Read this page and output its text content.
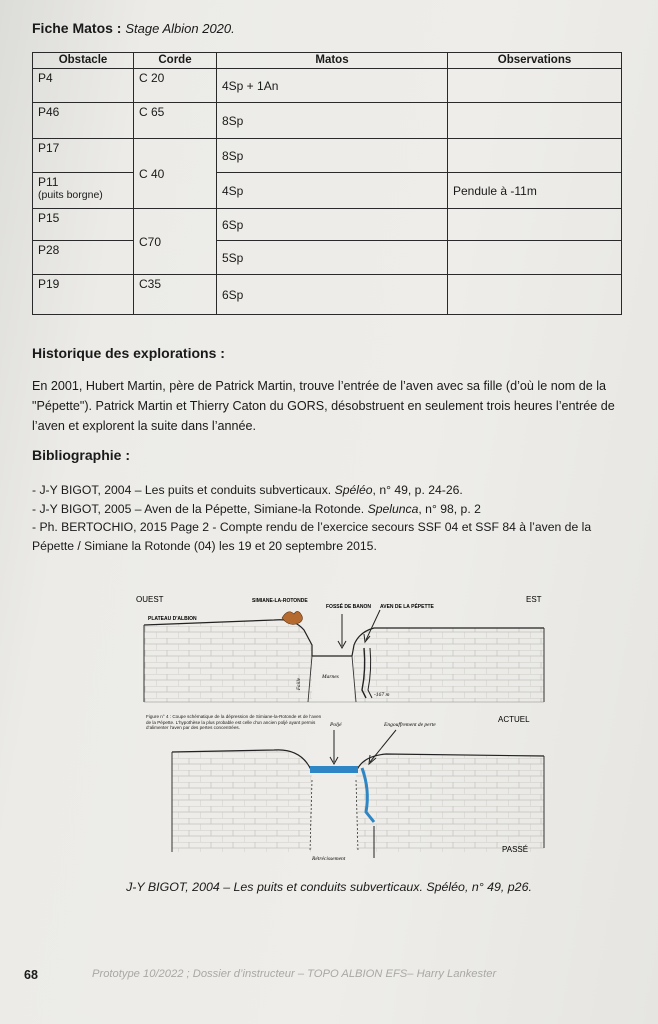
Fiche Matos : Stage Albion 2020.
Obstacle	Corde	Matos	Observations
P4	C 20	4Sp + 1An	
P46	C 65	8Sp	
P17	C 40	8Sp	

P11
(puits borgne)		4Sp	Pendule à -11m
P15	C70	6Sp	
P28		5Sp	
P19	C35	6Sp	
Historique des explorations :
En 2001, Hubert Martin, père de Patrick Martin, trouve l’entrée de l’aven avec sa fille (d’où le nom de la "Pépette"). Patrick Martin et Thierry Caton du GORS, désobstruent en seulement trois heures l’entrée de l’aven et explorent la suite dans l’année.
Bibliographie :
- J-Y BIGOT, 2004 – Les puits et conduits subverticaux. Spéléo, n° 49, p. 24-26.
- J-Y BIGOT, 2005 – Aven de la Pépette, Simiane-la Rotonde. Spelunca, n° 98, p. 2
- Ph. BERTOCHIO, 2015 Page 2 - Compte rendu de l’exercice secours SSF 04 et SSF 84 à l’aven de la
Pépette / Simiane la Rotonde (04) les 19 et 20 septembre 2015.
OUEST	EST
SIMIANE-LA-ROTONDE
FOSSÉ DE BANON AVEN DE LA PÉPETTE
PLATEAU D'ALBION
Marnes
Faille
-167 m
Figure n° 4 : Coupe schématique de la dépression de Simiane-la-Rotonde et de l’aven de la Pépette. L’hypothèse la plus probable est celle d’un ancien poljé ayant permis d’alimenter l’aven par des pertes concentrées.
ACTUEL
Poljé	Engouffrement de perte
Rétrécissement
PASSÉ
J-Y BIGOT, 2004 – Les puits et conduits subverticaux. Spéléo, n° 49, p26.
68	Prototype 10/2022 ; Dossier d’instructeur – TOPO ALBION EFS– Harry Lankester
